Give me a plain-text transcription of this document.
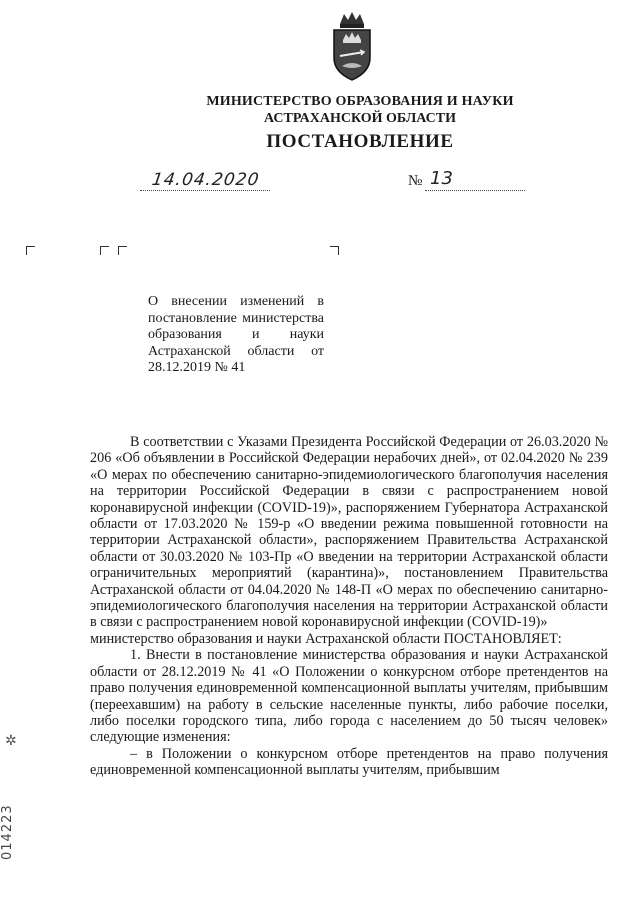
МИНИСТЕРСТВО ОБРАЗОВАНИЯ И НАУКИ
АСТРАХАНСКОЙ ОБЛАСТИ
ПОСТАНОВЛЕНИЕ
14.04.2020	№ 13
О внесении изменений в постановление министерства образования и науки Астраханской области от 28.12.2019 № 41

В соответствии с Указами Президента Российской Федерации от 26.03.2020 № 206 «Об объявлении в Российской Федерации нерабочих дней», от 02.04.2020 № 239 «О мерах по обеспечению санитарно-эпидемиологического благополучия населения на территории Российской Федерации в связи с распространением новой коронавирусной инфекции (COVID-19)», распоряжением Губернатора Астраханской области от 17.03.2020 № 159-р «О введении режима повышенной готовности на территории Астраханской области», распоряжением Правительства Астраханской области от 30.03.2020 № 103-Пр «О введении на территории Астраханской области ограничительных мероприятий (карантина)», постановлением Правительства Астраханской области от 04.04.2020 № 148-П «О мерах по обеспечению санитарно-эпидемиологического благополучия населения на территории Астраханской области в связи с распространением новой коронавирусной инфекции (COVID-19)»

министерство образования и науки Астраханской области ПОСТАНОВЛЯЕТ:

1. Внести в постановление министерства образования и науки Астраханской области от 28.12.2019 № 41 «О Положении о конкурсном отборе претендентов на право получения единовременной компенсационной выплаты учителям, прибывшим (переехавшим) на работу в сельские населенные пункты, либо рабочие поселки, либо поселки городского типа, либо города с населением до 50 тысяч человек» следующие изменения:

– в Положении о конкурсном отборе претендентов на право получения единовременной компенсационной выплаты учителям, прибывшим

✲
014223
